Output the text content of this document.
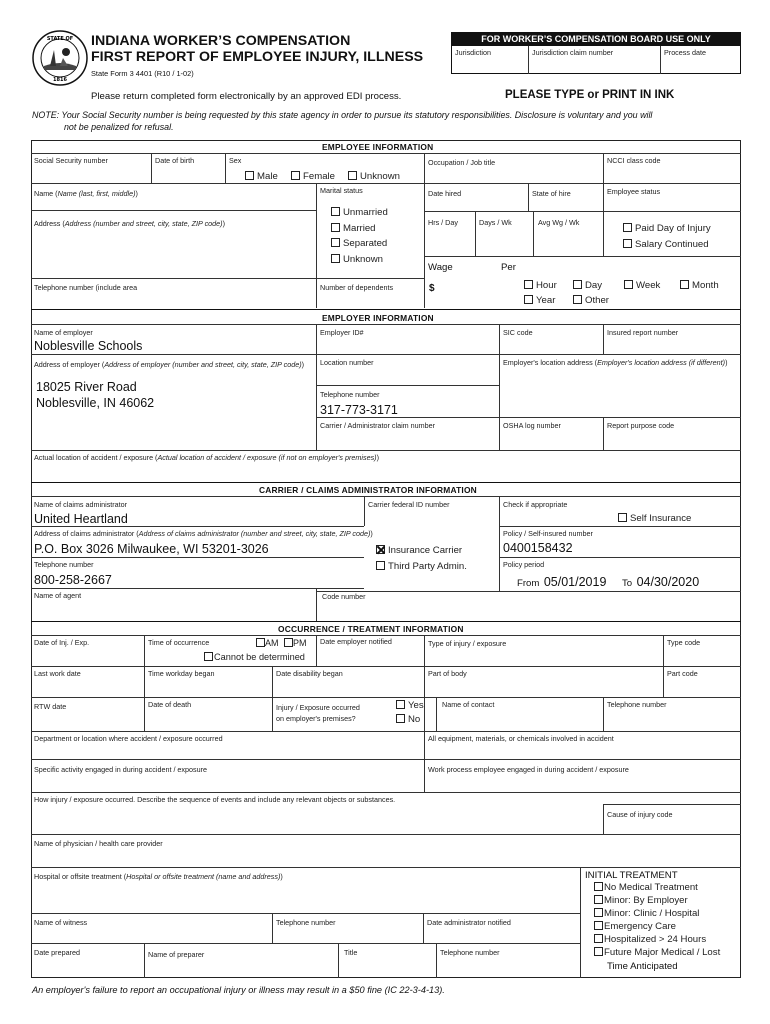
STATE OF
1816
INDIANA WORKER’S COMPENSATION
FIRST REPORT OF EMPLOYEE INJURY, ILLNESS
State Form 3 4401 (R10 / 1-02)
Please return completed form electronically by an approved EDI process.	PLEASE TYPE or PRINT IN INK
FOR WORKER’S COMPENSATION BOARD USE ONLY
Jurisdiction	Jurisdiction claim number	Process date
NOTE: Your Social Security number is being requested by this state agency in order to pursue its statutory responsibilities. Disclosure is voluntary and you will
not be penalized for refusal.
EMPLOYEE INFORMATION
Social Security number	Date of birth	Sex
Male	Female	Unknown
Occupation / Job title	NCCI class code
Name (Name (last, first, middle))	Marital status
Unmarried
Married
Separated
Unknown
Date hired	State of hire	Employee status
Address (Address (number and street, city, state, ZIP code))	Hrs / Day	Days / Wk	Avg Wg / Wk
Paid Day of Injury
Salary Continued
Wage	Per
$	Hour	Day	Week	Month
Year	Other
Telephone number (include area	Number of dependents
EMPLOYER INFORMATION
Name of employer
Noblesville Schools
Employer ID#	SIC code	Insured report number
Address of employer (Address of employer (number and street, city, state, ZIP code))
18025 River Road
Noblesville, IN 46062
Location number	Employer's location address (Employer's location address (if different))
Telephone number
317-773-3171
Carrier / Administrator claim number	OSHA log number	Report purpose code
Actual location of accident / exposure (Actual location of accident / exposure (if not on employer's premises))
CARRIER / CLAIMS ADMINISTRATOR INFORMATION
Name of claims administrator
United Heartland
Carrier federal ID number	Check if appropriate
Self Insurance
Address of claims administrator (Address of claims administrator (number and street, city, state, ZIP code))
P.O. Box 3026 Milwaukee, WI 53201-3026	Insurance Carrier
Third Party Admin.
Policy / Self-insured number
0400158432
Telephone number
800-258-2667
Policy period
From 05/01/2019 To 04/30/2020
Name of agent	Code number
OCCURRENCE / TREATMENT INFORMATION
Date of Inj. / Exp.	Time of occurrence	AM	PM
Cannot be determined
Date employer notified	Type of injury / exposure	Type code
Last work date	Time workday began	Date disability began	Part of body	Part code
RTW date	Date of death	Injury / Exposure occurred
on employer's premises?
Yes
No
Name of contact	Telephone number
Department or location where accident / exposure occurred	All equipment, materials, or chemicals involved in accident
Specific activity engaged in during accident / exposure	Work process employee engaged in during accident / exposure
How injury / exposure occurred. Describe the sequence of events and include any relevant objects or substances.
Cause of injury code
Name of physician / health care provider
Hospital or offsite treatment (Hospital or offsite treatment (name and address))	INITIAL TREATMENT
No Medical Treatment
Minor: By Employer
Minor: Clinic / Hospital
Emergency Care
Hospitalized > 24 Hours
Future Major Medical / Lost
Time Anticipated
Name of witness	Telephone number	Date administrator notified
Date prepared	Name of preparer	Title	Telephone number
An employer's failure to report an occupational injury or illness may result in a $50 fine (IC 22-3-4-13).
